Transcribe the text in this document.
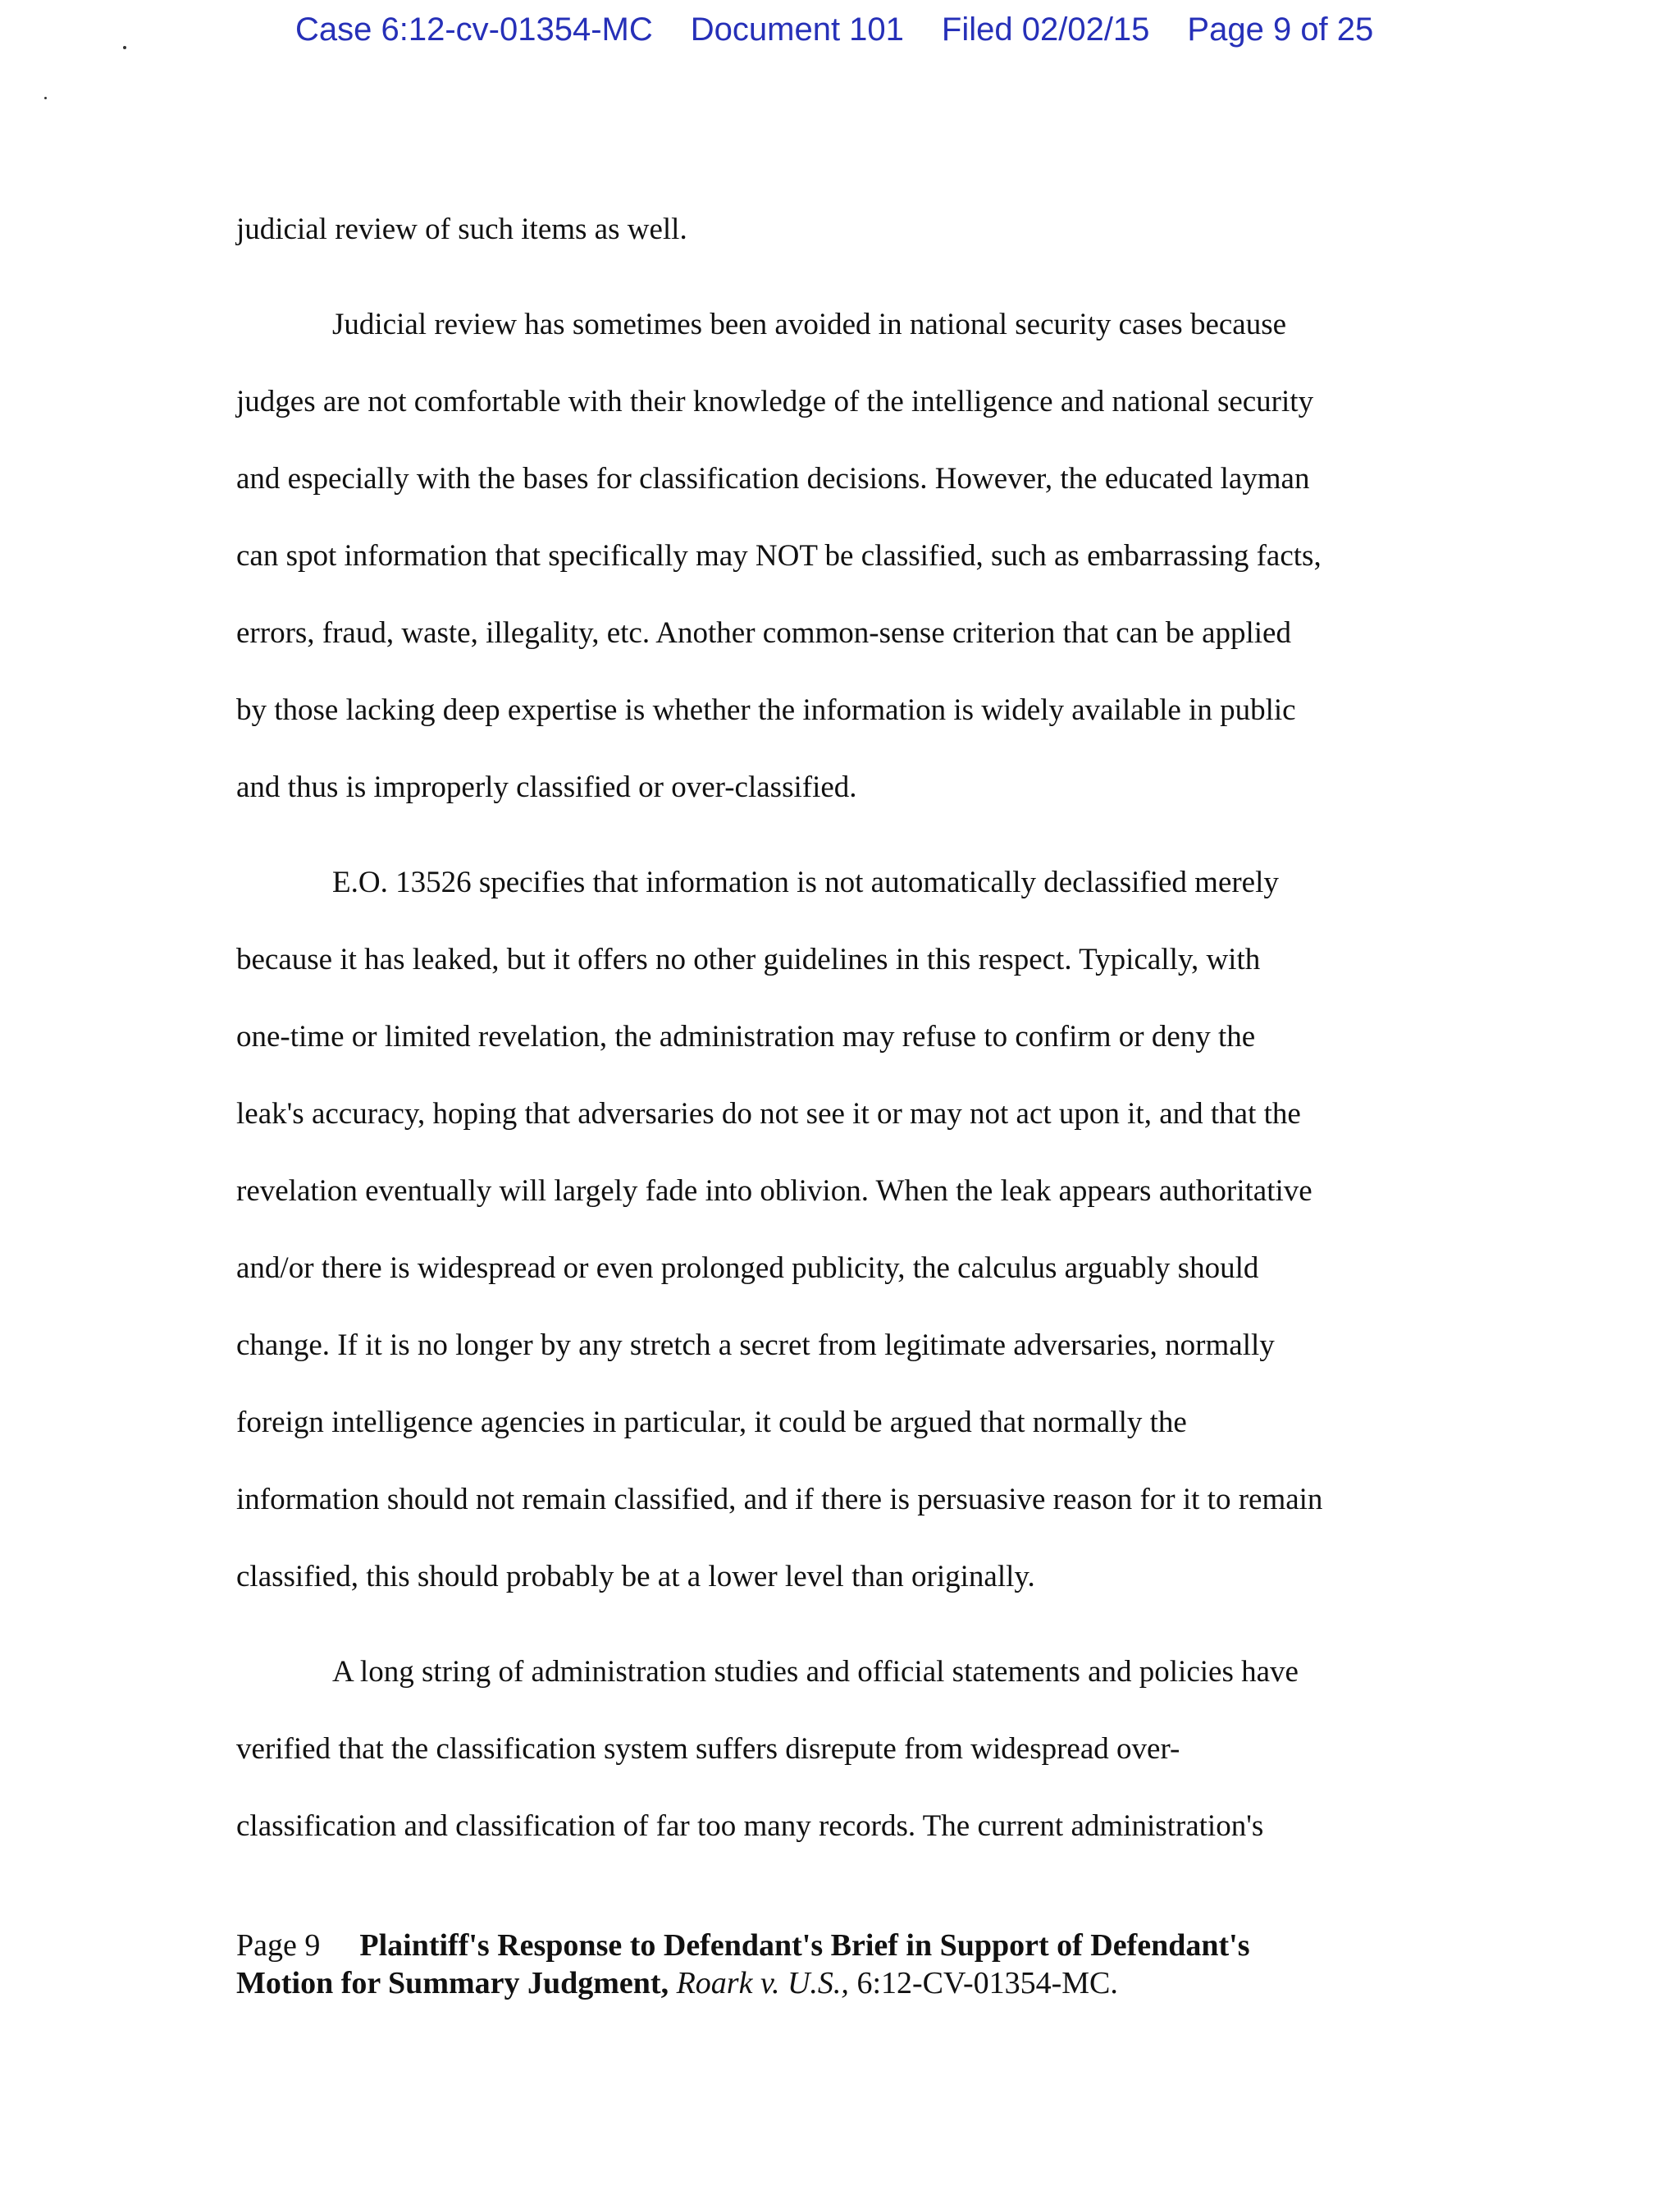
Case 6:12-cv-01354-MC Document 101 Filed 02/02/15 Page 9 of 25

judicial review of such items as well.

Judicial review has sometimes been avoided in national security cases because

judges are not comfortable with their knowledge of the intelligence and national security

and especially with the bases for classification decisions. However, the educated layman

can spot information that specifically may NOT be classified, such as embarrassing facts,

errors, fraud, waste, illegality, etc. Another common-sense criterion that can be applied

by those lacking deep expertise is whether the information is widely available in public

and thus is improperly classified or over-classified.

E.O. 13526 specifies that information is not automatically declassified merely

because it has leaked, but it offers no other guidelines in this respect. Typically, with

one-time or limited revelation, the administration may refuse to confirm or deny the

leak's accuracy, hoping that adversaries do not see it or may not act upon it, and that the

revelation eventually will largely fade into oblivion. When the leak appears authoritative

and/or there is widespread or even prolonged publicity, the calculus arguably should

change. If it is no longer by any stretch a secret from legitimate adversaries, normally

foreign intelligence agencies in particular, it could be argued that normally the

information should not remain classified, and if there is persuasive reason for it to remain

classified, this should probably be at a lower level than originally.

A long string of administration studies and official statements and policies have

verified that the classification system suffers disrepute from widespread over-

classification and classification of far too many records. The current administration's

Page 9 Plaintiff's Response to Defendant's Brief in Support of Defendant's
Motion for Summary Judgment, Roark v. U.S., 6:12-CV-01354-MC.
